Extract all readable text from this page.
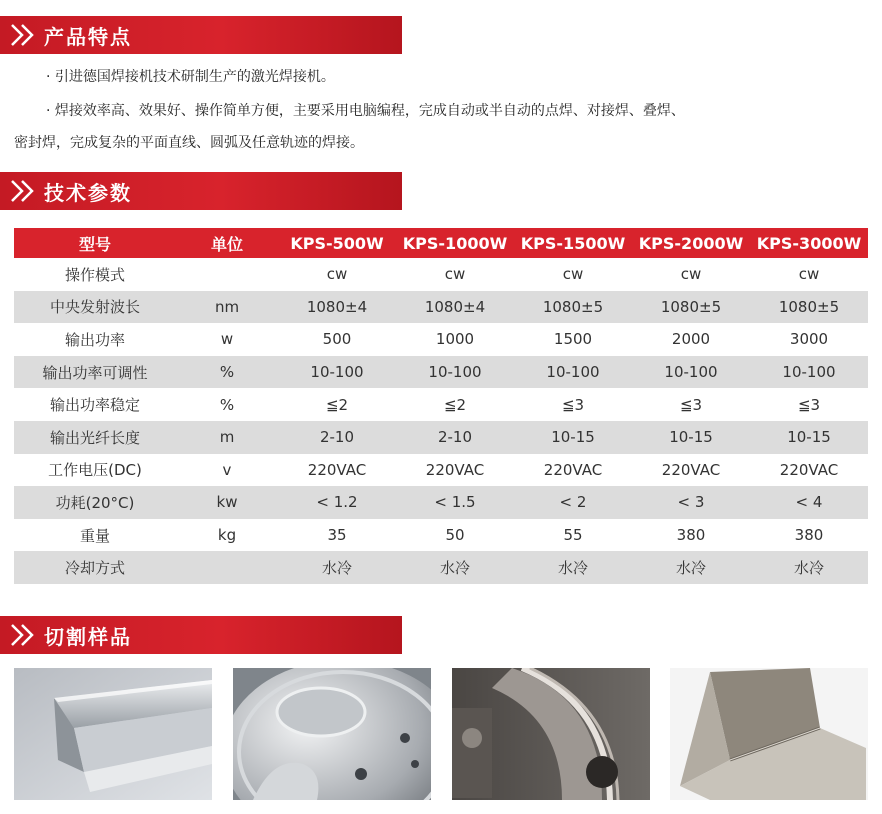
产品特点
· 引进德国焊接机技术研制生产的激光焊接机。
· 焊接效率高、效果好、操作简单方便，主要采用电脑编程，完成自动或半自动的点焊、对接焊、叠焊、
密封焊，完成复杂的平面直线、圆弧及任意轨迹的焊接。
技术参数
型号	单位	KPS-500W	KPS-1000W	KPS-1500W	KPS-2000W	KPS-3000W
操作模式		cw	cw	cw	cw	cw
中央发射波长	nm	1080±4	1080±4	1080±5	1080±5	1080±5
输出功率	w	500	1000	1500	2000	3000
输出功率可调性	%	10-100	10-100	10-100	10-100	10-100
输出功率稳定	%	≦2	≦2	≦3	≦3	≦3
输出光纤长度	m	2-10	2-10	10-15	10-15	10-15
工作电压(DC)	v	220VAC	220VAC	220VAC	220VAC	220VAC
功耗(20°C)	kw	< 1.2	< 1.5	< 2	< 3	< 4
重量	kg	35	50	55	380	380
冷却方式		水冷	水冷	水冷	水冷	水冷
切割样品
